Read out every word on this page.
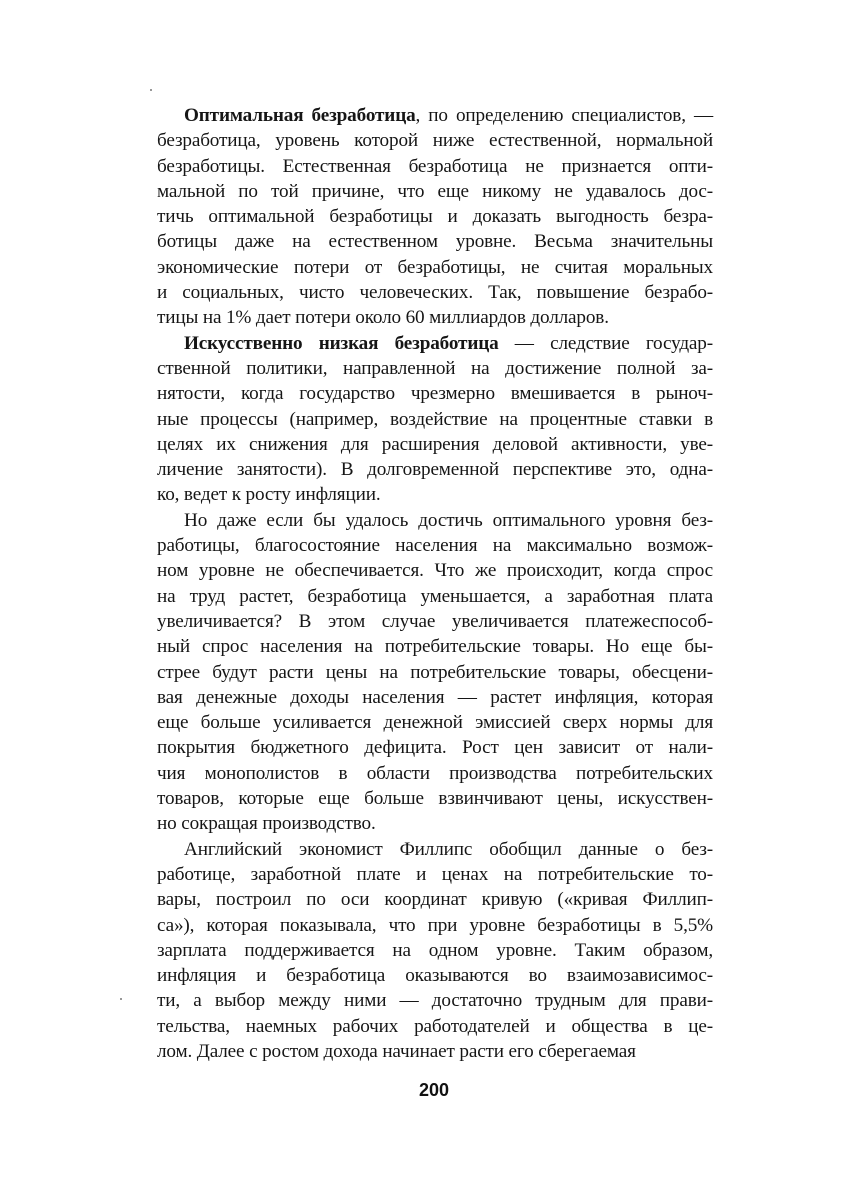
Оптимальная безработица, по определению специалистов, —
безработица, уровень которой ниже естественной, нормальной
безработицы. Естественная безработица не признается опти-
мальной по той причине, что еще никому не удавалось дос-
тичь оптимальной безработицы и доказать выгодность безра-
ботицы даже на естественном уровне. Весьма значительны
экономические потери от безработицы, не считая моральных
и социальных, чисто человеческих. Так, повышение безрабо-
тицы на 1% дает потери около 60 миллиардов долларов.
Искусственно низкая безработица — следствие государ-
ственной политики, направленной на достижение полной за-
нятости, когда государство чрезмерно вмешивается в рыноч-
ные процессы (например, воздействие на процентные ставки в
целях их снижения для расширения деловой активности, уве-
личение занятости). В долговременной перспективе это, одна-
ко, ведет к росту инфляции.
Но даже если бы удалось достичь оптимального уровня без-
работицы, благосостояние населения на максимально возмож-
ном уровне не обеспечивается. Что же происходит, когда спрос
на труд растет, безработица уменьшается, а заработная плата
увеличивается? В этом случае увеличивается платежеспособ-
ный спрос населения на потребительские товары. Но еще бы-
стрее будут расти цены на потребительские товары, обесцени-
вая денежные доходы населения — растет инфляция, которая
еще больше усиливается денежной эмиссией сверх нормы для
покрытия бюджетного дефицита. Рост цен зависит от нали-
чия монополистов в области производства потребительских
товаров, которые еще больше взвинчивают цены, искусствен-
но сокращая производство.
Английский экономист Филлипс обобщил данные о без-
работице, заработной плате и ценах на потребительские то-
вары, построил по оси координат кривую («кривая Филлип-
са»), которая показывала, что при уровне безработицы в 5,5%
зарплата поддерживается на одном уровне. Таким образом,
инфляция и безработица оказываются во взаимозависимос-
ти, а выбор между ними — достаточно трудным для прави-
тельства, наемных рабочих работодателей и общества в це-
лом. Далее с ростом дохода начинает расти его сберегаемая
200
